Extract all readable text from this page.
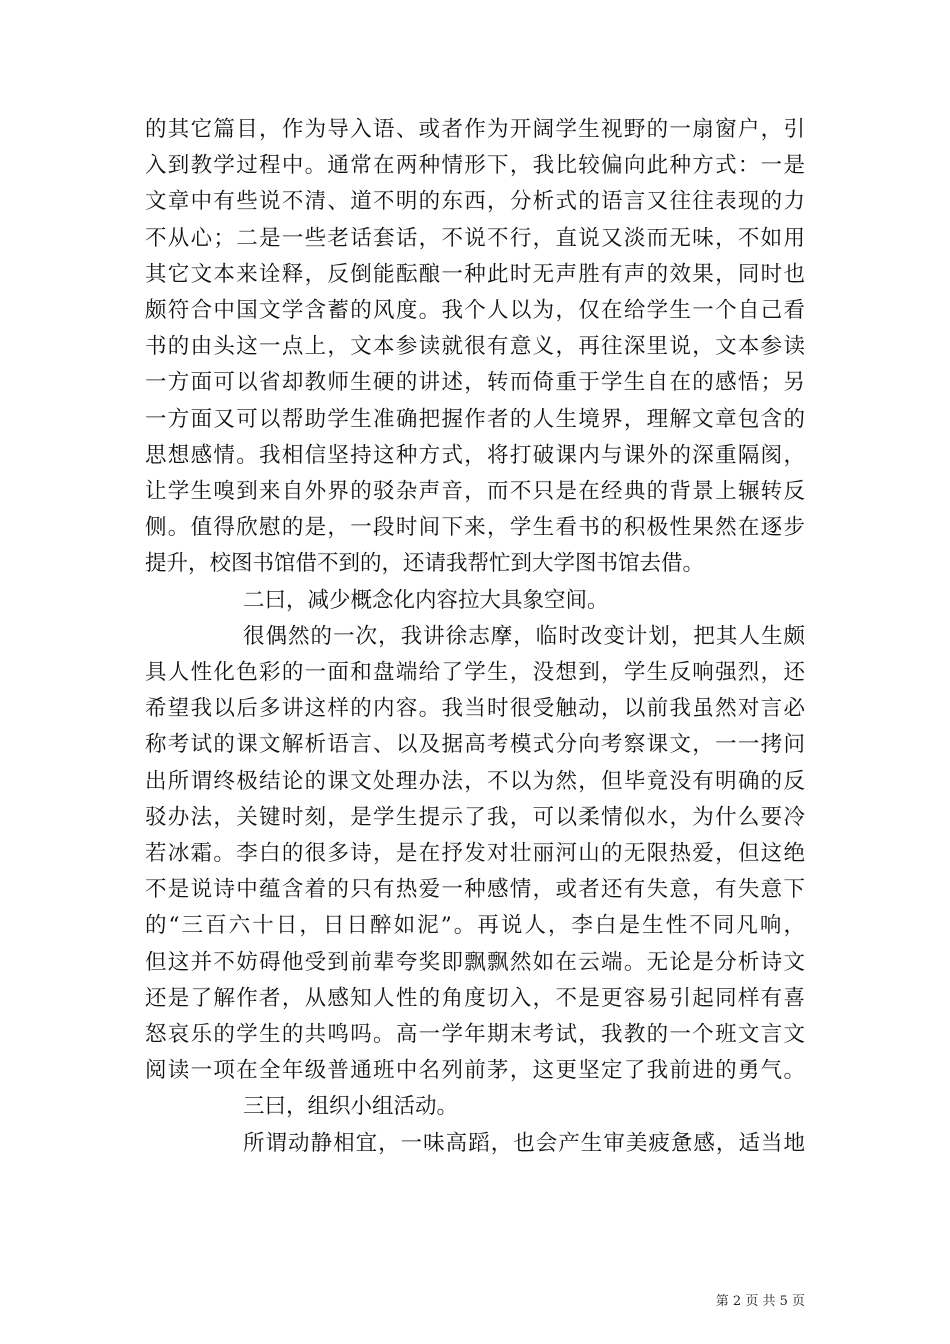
的其它篇目，作为导入语、或者作为开阔学生视野的一扇窗户，引
入到教学过程中。通常在两种情形下，我比较偏向此种方式：一是
文章中有些说不清、道不明的东西，分析式的语言又往往表现的力
不从心；二是一些老话套话，不说不行，直说又淡而无味，不如用
其它文本来诠释，反倒能酝酿一种此时无声胜有声的效果，同时也
颇符合中国文学含蓄的风度。我个人以为，仅在给学生一个自己看
书的由头这一点上，文本参读就很有意义，再往深里说，文本参读
一方面可以省却教师生硬的讲述，转而倚重于学生自在的感悟；另
一方面又可以帮助学生准确把握作者的人生境界，理解文章包含的
思想感情。我相信坚持这种方式，将打破课内与课外的深重隔阂，
让学生嗅到来自外界的驳杂声音，而不只是在经典的背景上辗转反
侧。值得欣慰的是，一段时间下来，学生看书的积极性果然在逐步
提升，校图书馆借不到的，还请我帮忙到大学图书馆去借。
二曰，减少概念化内容拉大具象空间。
很偶然的一次，我讲徐志摩，临时改变计划，把其人生颇
具人性化色彩的一面和盘端给了学生，没想到，学生反响强烈，还
希望我以后多讲这样的内容。我当时很受触动，以前我虽然对言必
称考试的课文解析语言、以及据高考模式分向考察课文，一一拷问
出所谓终极结论的课文处理办法，不以为然，但毕竟没有明确的反
驳办法，关键时刻，是学生提示了我，可以柔情似水，为什么要冷
若冰霜。李白的很多诗，是在抒发对壮丽河山的无限热爱，但这绝
不是说诗中蕴含着的只有热爱一种感情，或者还有失意，有失意下
的“三百六十日，日日醉如泥”。再说人，李白是生性不同凡响，
但这并不妨碍他受到前辈夸奖即飘飘然如在云端。无论是分析诗文
还是了解作者，从感知人性的角度切入，不是更容易引起同样有喜
怒哀乐的学生的共鸣吗。高一学年期末考试，我教的一个班文言文
阅读一项在全年级普通班中名列前茅，这更坚定了我前进的勇气。
三曰，组织小组活动。
所谓动静相宜，一味高蹈，也会产生审美疲惫感，适当地
第 2 页 共 5 页
